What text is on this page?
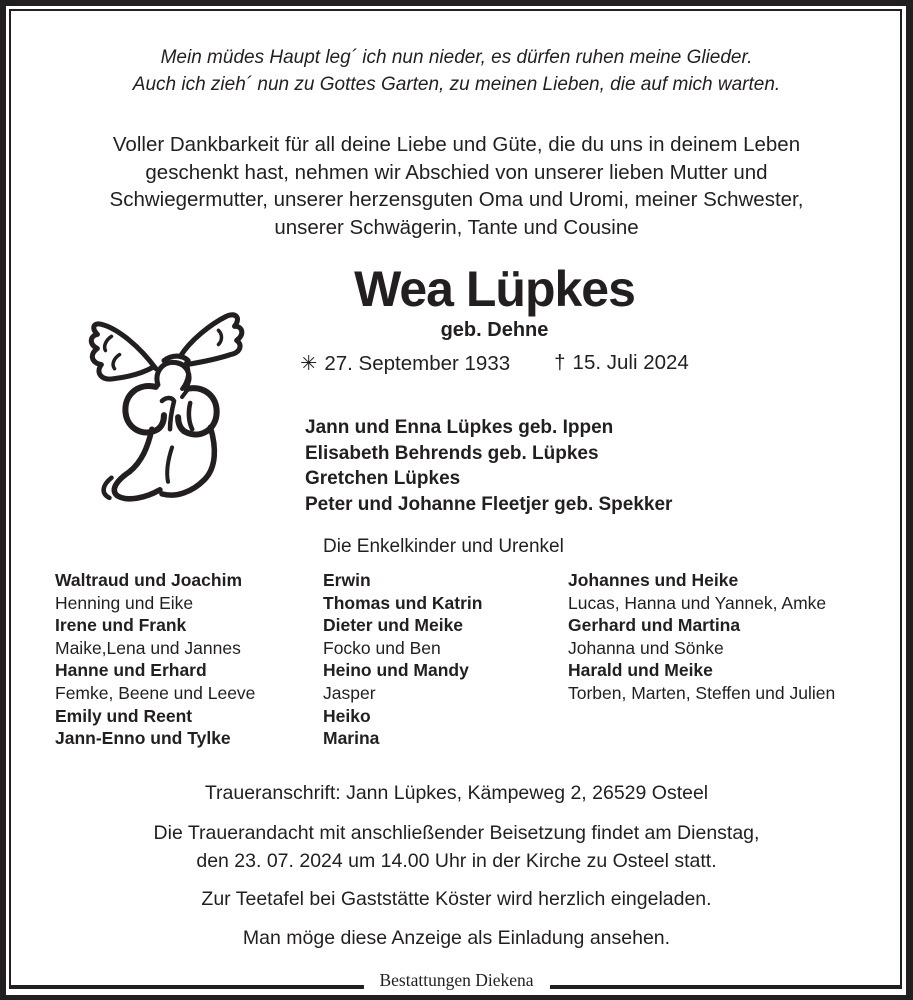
Mein müdes Haupt leg´ ich nun nieder, es dürfen ruhen meine Glieder.
Auch ich zieh´ nun zu Gottes Garten, zu meinen Lieben, die auf mich warten.
Voller Dankbarkeit für all deine Liebe und Güte, die du uns in deinem Leben
geschenkt hast, nehmen wir Abschied von unserer lieben Mutter und
Schwiegermutter, unserer herzensguten Oma und Uromi, meiner Schwester,
unserer Schwägerin, Tante und Cousine
Wea Lüpkes
geb. Dehne
✳ 27. September 1933 † 15. Juli 2024
Jann und Enna Lüpkes geb. Ippen
Elisabeth Behrends geb. Lüpkes
Gretchen Lüpkes
Peter und Johanne Fleetjer geb. Spekker
Die Enkelkinder und Urenkel
Waltraud und Joachim
Henning und Eike
Irene und Frank
Maike,Lena und Jannes
Hanne und Erhard
Femke, Beene und Leeve
Emily und Reent
Jann-Enno und Tylke
Erwin
Thomas und Katrin
Dieter und Meike
Focko und Ben
Heino und Mandy
Jasper
Heiko
Marina
Johannes und Heike
Lucas, Hanna und Yannek, Amke
Gerhard und Martina
Johanna und Sönke
Harald und Meike
Torben, Marten, Steffen und Julien
Traueranschrift: Jann Lüpkes, Kämpeweg 2, 26529 Osteel
Die Trauerandacht mit anschließender Beisetzung findet am Dienstag,
den 23. 07. 2024 um 14.00 Uhr in der Kirche zu Osteel statt.
Zur Teetafel bei Gaststätte Köster wird herzlich eingeladen.
Man möge diese Anzeige als Einladung ansehen.
Bestattungen Diekena
